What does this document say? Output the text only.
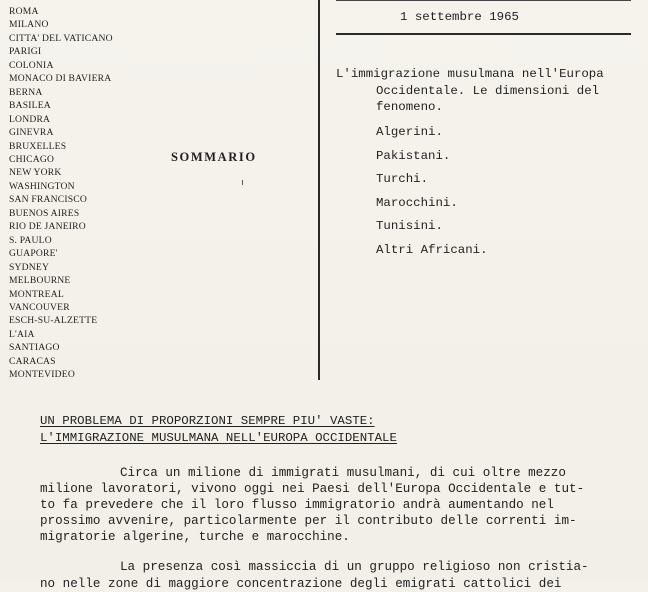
ROMA
MILANO
CITTA' DEL VATICANO
PARIGI
COLONIA
MONACO DI BAVIERA
BERNA
BASILEA
LONDRA
GINEVRA
BRUXELLES
CHICAGO
NEW YORK
WASHINGTON
SAN FRANCISCO
BUENOS AIRES
RIO DE JANEIRO
S. PAULO
GUAPORE'
SYDNEY
MELBOURNE
MONTREAL
VANCOUVER
ESCH-SU-ALZETTE
L'AIA
SANTIAGO
CARACAS
MONTEVIDEO
SOMMARIO
1 settembre 1965
L'immigrazione musulmana nell'Europa
Occidentale. Le dimensioni del
fenomeno.
Algerini.
Pakistani.
Turchi.
Marocchini.
Tunisini.
Altri Africani.
UN PROBLEMA DI PROPORZIONI SEMPRE PIU' VASTE:
L'IMMIGRAZIONE MUSULMANA NELL'EUROPA OCCIDENTALE
Circa un milione di immigrati musulmani, di cui oltre mezzo
milione lavoratori, vivono oggi nei Paesi dell'Europa Occidentale e tut-
to fa prevedere che il loro flusso immigratorio andrà aumentando nel
prossimo avvenire, particolarmente per il contributo delle correnti im-
migratorie algerine, turche e marocchine.
La presenza così massiccia di un gruppo religioso non cristia-
no nelle zone di maggiore concentrazione degli emigrati cattolici dei
